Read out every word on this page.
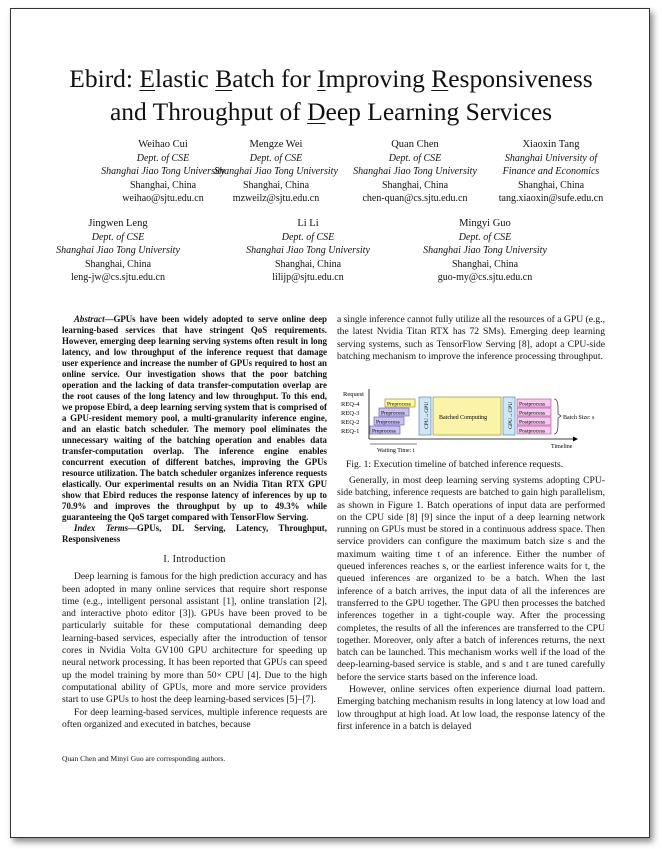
Ebird: Elastic Batch for Improving Responsiveness
and Throughput of Deep Learning Services
Weihao Cui
Dept. of CSE
Shanghai Jiao Tong University
Shanghai, China
weihao@sjtu.edu.cn
Mengze Wei
Dept. of CSE
Shanghai Jiao Tong University
Shanghai, China
mzweilz@sjtu.edu.cn
Quan Chen
Dept. of CSE
Shanghai Jiao Tong University
Shanghai, China
chen-quan@cs.sjtu.edu.cn
Xiaoxin Tang
Shanghai University of
Finance and Economics
Shanghai, China
tang.xiaoxin@sufe.edu.cn
Jingwen Leng
Dept. of CSE
Shanghai Jiao Tong University
Shanghai, China
leng-jw@cs.sjtu.edu.cn
Li Li
Dept. of CSE
Shanghai Jiao Tong University
Shanghai, China
lilijp@sjtu.edu.cn
Mingyi Guo
Dept. of CSE
Shanghai Jiao Tong University
Shanghai, China
guo-my@cs.sjtu.edu.cn

Abstract—GPUs have been widely adopted to serve online deep learning-based services that have stringent QoS requirements. However, emerging deep learning serving systems often result in long latency, and low throughput of the inference request that damage user experience and increase the number of GPUs required to host an online service. Our investigation shows that the poor batching operation and the lacking of data transfer-computation overlap are the root causes of the long latency and low throughput. To this end, we propose Ebird, a deep learning serving system that is comprised of a GPU-resident memory pool, a multi-granularity inference engine, and an elastic batch scheduler. The memory pool eliminates the unnecessary waiting of the batching operation and enables data transfer-computation overlap. The inference engine enables concurrent execution of different batches, improving the GPUs resource utilization. The batch scheduler organizes inference requests elastically. Our experimental results on an Nvidia Titan RTX GPU show that Ebird reduces the response latency of inferences by up to 70.9% and improves the throughput by up to 49.3% while guaranteeing the QoS target compared with TensorFlow Serving.

Index Terms—GPUs, DL Serving, Latency, Throughput, Responsiveness

I. Introduction

Deep learning is famous for the high prediction accuracy and has been adopted in many online services that require short response time (e.g., intelligent personal assistant [1], online translation [2], and interactive photo editor [3]). GPUs have been proved to be particularly suitable for these computational demanding deep learning-based services, especially after the introduction of tensor cores in Nvidia Volta GV100 GPU architecture for speeding up neural network processing. It has been reported that GPUs can speed up the model training by more than 50× CPU [4]. Due to the high computational ability of GPUs, more and more service providers start to use GPUs to host the deep learning-based services [5]–[7].

For deep learning-based services, multiple inference requests are often organized and executed in batches, because

Quan Chen and Minyi Guo are corresponding authors.

a single inference cannot fully utilize all the resources of a GPU (e.g., the latest Nvidia Titan RTX has 72 SMs). Emerging deep learning serving systems, such as TensorFlow Serving [8], adopt a CPU-side batching mechanism to improve the inference processing throughput.

Request
REQ-4
REQ-3
REQ-2
REQ-1
Preprocess
Preprocess
Preprocess
Preprocess
CPU→GPU Batched Computing	GPU→CPU Postprocess
Postprocess
Postprocess
Postprocess
Batch Size: s
Waiting Time: t
Timeline
Fig. 1: Execution timeline of batched inference requests.

Generally, in most deep learning serving systems adopting CPU-side batching, inference requests are batched to gain high parallelism, as shown in Figure 1. Batch operations of input data are performed on the CPU side [8] [9] since the input of a deep learning network running on GPUs must be stored in a continuous address space. Then service providers can configure the maximum batch size s and the maximum waiting time t of an inference. Either the number of queued inferences reaches s, or the earliest inference waits for t, the queued inferences are organized to be a batch. When the last inference of a batch arrives, the input data of all the inferences are transferred to the GPU together. The GPU then processes the batched inferences together in a tight-couple way. After the processing completes, the results of all the inferences are transferred to the CPU together. Moreover, only after a batch of inferences returns, the next batch can be launched. This mechanism works well if the load of the deep-learning-based service is stable, and s and t are tuned carefully before the service starts based on the inference load.

However, online services often experience diurnal load pattern. Emerging batching mechanism results in long latency at low load and low throughput at high load. At low load, the response latency of the first inference in a batch is delayed
